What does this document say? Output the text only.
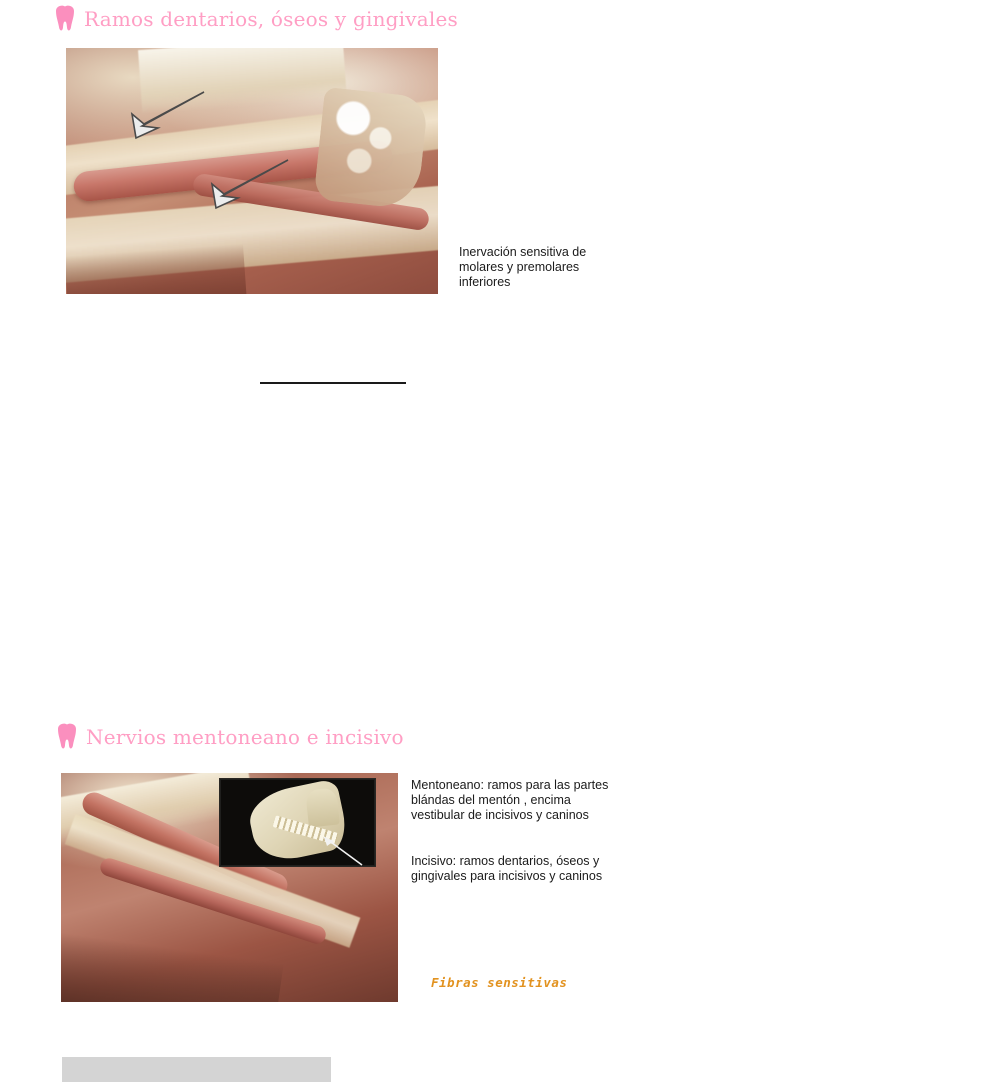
Ramos dentarios, óseos y gingivales
Inervación sensitiva de molares y premolares inferiores
Nervios mentoneano e incisivo
Mentoneano: ramos para las partes blándas del mentón , encima vestibular de incisivos y caninos
Incisivo: ramos dentarios, óseos y gingivales para incisivos y caninos
Fibras sensitivas
